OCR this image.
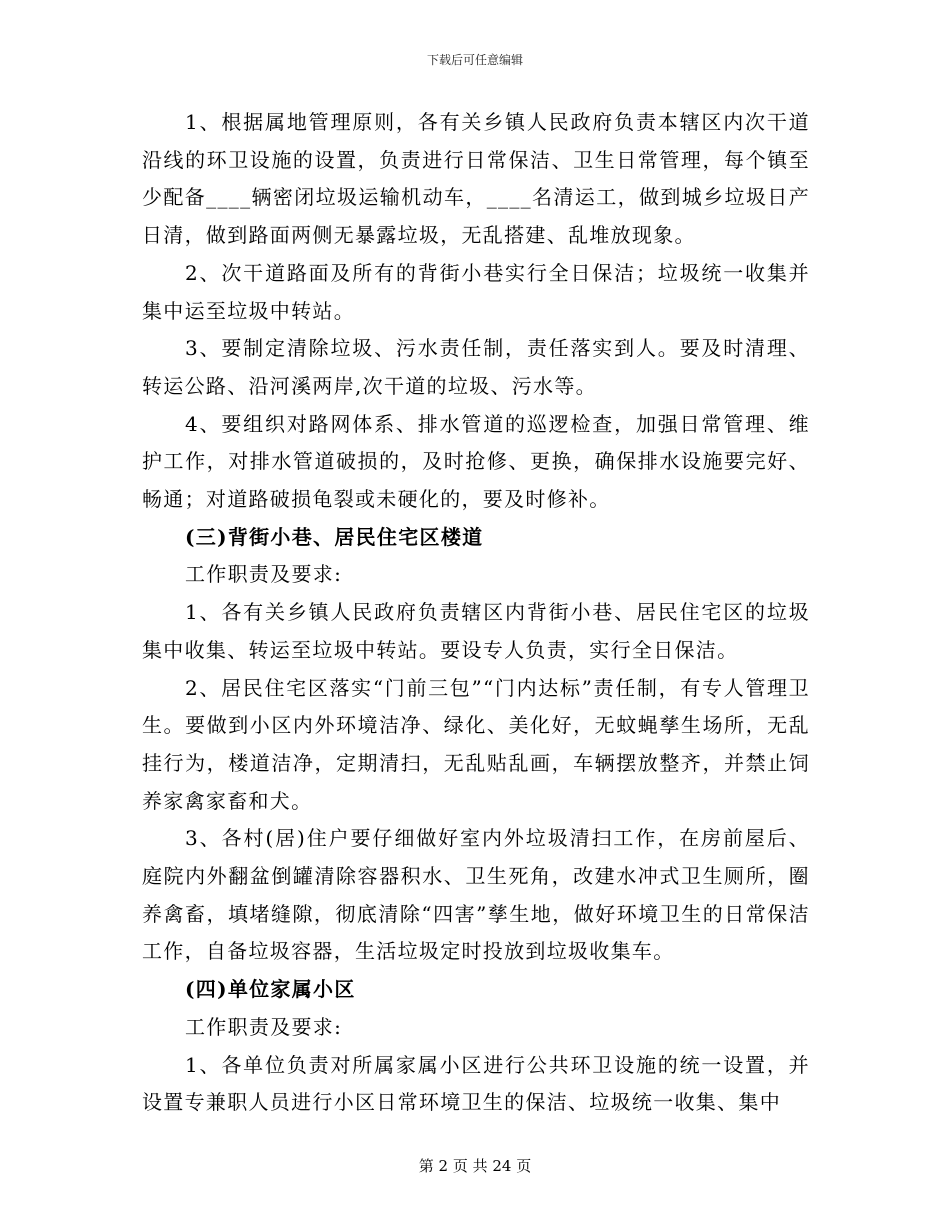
下载后可任意编辑

1、根据属地管理原则，各有关乡镇人民政府负责本辖区内次干道沿线的环卫设施的设置，负责进行日常保洁、卫生日常管理，每个镇至少配备____辆密闭垃圾运输机动车，____名清运工，做到城乡垃圾日产日清，做到路面两侧无暴露垃圾，无乱搭建、乱堆放现象。

2、次干道路面及所有的背街小巷实行全日保洁；垃圾统一收集并集中运至垃圾中转站。

3、要制定清除垃圾、污水责任制，责任落实到人。要及时清理、转运公路、沿河溪两岸,次干道的垃圾、污水等。

4、要组织对路网体系、排水管道的巡逻检查，加强日常管理、维护工作，对排水管道破损的，及时抢修、更换，确保排水设施要完好、畅通；对道路破损龟裂或未硬化的，要及时修补。

(三)背街小巷、居民住宅区楼道

工作职责及要求:

1、各有关乡镇人民政府负责辖区内背街小巷、居民住宅区的垃圾集中收集、转运至垃圾中转站。要设专人负责，实行全日保洁。

2、居民住宅区落实“门前三包”“门内达标”责任制，有专人管理卫生。要做到小区内外环境洁净、绿化、美化好，无蚊蝇孳生场所，无乱挂行为，楼道洁净，定期清扫，无乱贴乱画，车辆摆放整齐，并禁止饲养家禽家畜和犬。

3、各村(居)住户要仔细做好室内外垃圾清扫工作，在房前屋后、庭院内外翻盆倒罐清除容器积水、卫生死角，改建水冲式卫生厕所，圈养禽畜，填堵缝隙，彻底清除“四害”孳生地，做好环境卫生的日常保洁工作，自备垃圾容器，生活垃圾定时投放到垃圾收集车。

(四)单位家属小区

工作职责及要求:

1、各单位负责对所属家属小区进行公共环卫设施的统一设置，并设置专兼职人员进行小区日常环境卫生的保洁、垃圾统一收集、集中

第 2 页 共 24 页
